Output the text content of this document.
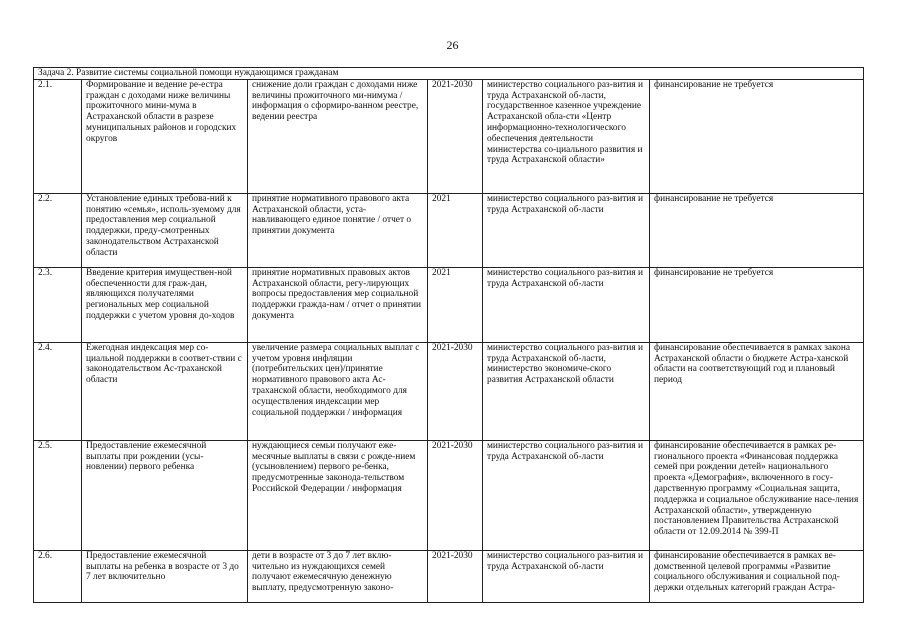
26
Задача 2. Развитие системы социальной помощи нуждающимся гражданам					
2.1.	Формирование и ведение ре-естра граждан с доходами ниже величины прожиточного мини-мума в Астраханской области в разрезе муниципальных районов и городских округов	снижение доли граждан с доходами ниже величины прожиточного ми-нимума / информация о сформиро-ванном реестре, ведении реестра	2021-2030	министерство социального раз-вития и труда Астраханской об-ласти, государственное казенное учреждение Астраханской обла-сти «Центр информационно-технологического обеспечения деятельности министерства со-циального развития и труда Астраханской области»	финансирование не требуется
2.2.	Установление единых требова-ний к понятию «семья», исполь-зуемому для предоставления мер социальной поддержки, преду-смотренных законодательством Астраханской области	принятие нормативного правового акта Астраханской области, уста-навливающего единое понятие / отчет о принятии документа	2021	министерство социального раз-вития и труда Астраханской об-ласти	финансирование не требуется
2.3.	Введение критерия имуществен-ной обеспеченности для граж-дан, являющихся получателями региональных мер социальной поддержки с учетом уровня до-ходов	принятие нормативных правовых актов Астраханской области, регу-лирующих вопросы предоставления мер социальной поддержки гражда-нам / отчет о принятии документа	2021	министерство социального раз-вития и труда Астраханской об-ласти	финансирование не требуется
2.4.	Ежегодная индексация мер со-циальной поддержки в соответ-ствии с законодательством Ас-траханской области	увеличение размера социальных выплат с учетом уровня инфляции (потребительских цен)/принятие нормативного правового акта Ас-траханской области, необходимого для осуществления индексации мер социальной поддержки / информация	2021-2030	министерство социального раз-вития и труда Астраханской об-ласти, министерство экономиче-ского развития Астраханской области	финансирование обеспечивается в рамках закона Астраханской области о бюджете Астра-ханской области на соответствующий год и плановый период
2.5.	Предоставление ежемесячной выплаты при рождении (усы-новлении) первого ребенка	нуждающиеся семьи получают еже-месячные выплаты в связи с рожде-нием (усыновлением) первого ре-бенка, предусмотренные законода-тельством Российской Федерации / информация	2021-2030	министерство социального раз-вития и труда Астраханской об-ласти	финансирование обеспечивается в рамках ре-гионального проекта «Финансовая поддержка семей при рождении детей» национального проекта «Демография», включенного в госу-дарственную программу «Социальная защита, поддержка и социальное обслуживание насе-ления Астраханской области», утвержденную постановлением Правительства Астраханской области от 12.09.2014 № 399-П
2.6.	Предоставление ежемесячной выплаты на ребенка в возрасте от 3 до 7 лет включительно	дети в возрасте от 3 до 7 лет вклю-чительно из нуждающихся семей получают ежемесячную денежную выплату, предусмотренную законо-	2021-2030	министерство социального раз-вития и труда Астраханской об-ласти	финансирование обеспечивается в рамках ве-домственной целевой программы «Развитие социального обслуживания и социальной под-держки отдельных категорий граждан Астра-
